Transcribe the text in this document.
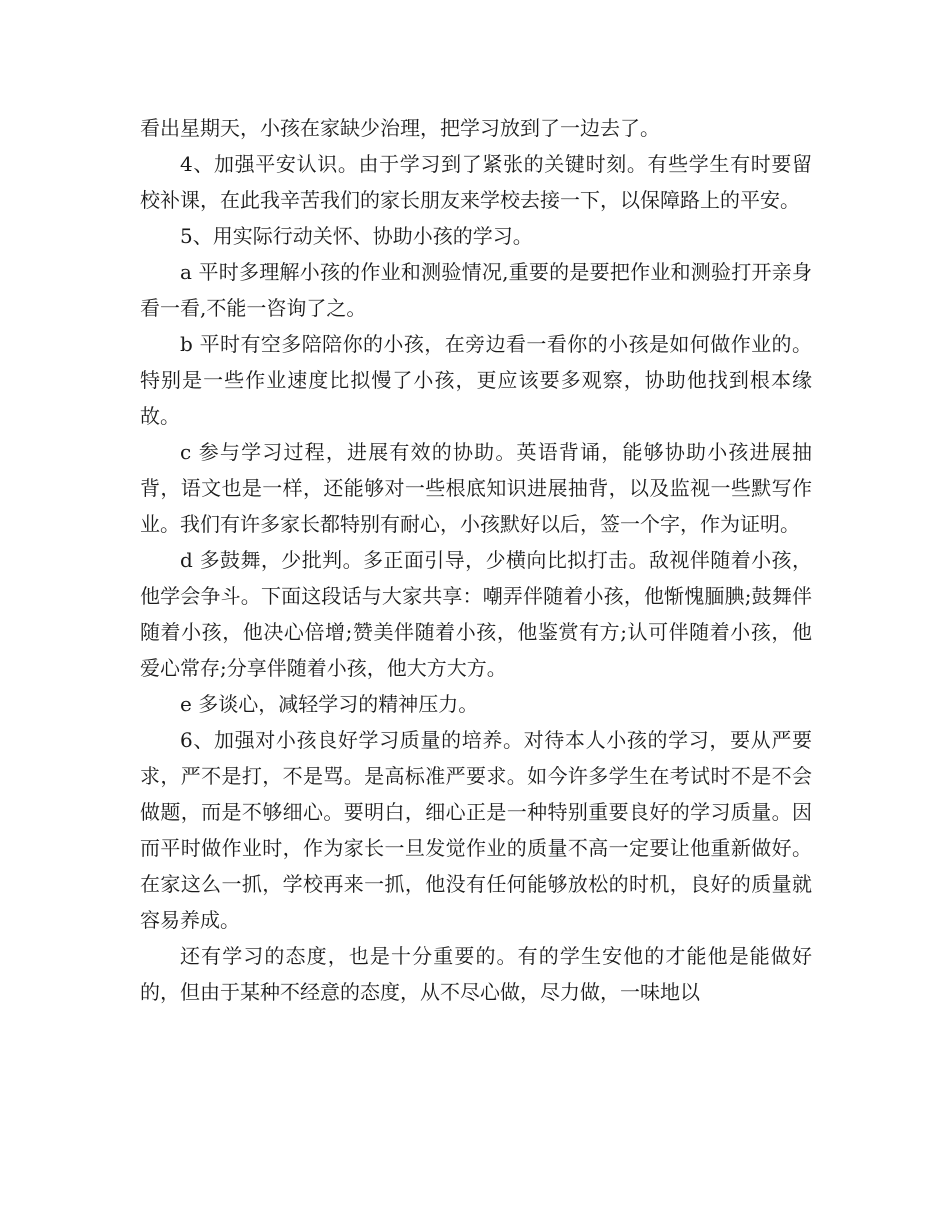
看出星期天，小孩在家缺少治理，把学习放到了一边去了。

4、加强平安认识。由于学习到了紧张的关键时刻。有些学生有时要留校补课，在此我辛苦我们的家长朋友来学校去接一下，以保障路上的平安。

5、用实际行动关怀、协助小孩的学习。

a 平时多理解小孩的作业和测验情况,重要的是要把作业和测验打开亲身看一看,不能一咨询了之。

b 平时有空多陪陪你的小孩，在旁边看一看你的小孩是如何做作业的。特别是一些作业速度比拟慢了小孩，更应该要多观察，协助他找到根本缘故。

c 参与学习过程，进展有效的协助。英语背诵，能够协助小孩进展抽背，语文也是一样，还能够对一些根底知识进展抽背，以及监视一些默写作业。我们有许多家长都特别有耐心，小孩默好以后，签一个字，作为证明。

d 多鼓舞，少批判。多正面引导，少横向比拟打击。敌视伴随着小孩，他学会争斗。下面这段话与大家共享：嘲弄伴随着小孩，他惭愧腼腆;鼓舞伴随着小孩，他决心倍增;赞美伴随着小孩，他鉴赏有方;认可伴随着小孩，他爱心常存;分享伴随着小孩，他大方大方。

e 多谈心，减轻学习的精神压力。

6、加强对小孩良好学习质量的培养。对待本人小孩的学习，要从严要求，严不是打，不是骂。是高标准严要求。如今许多学生在考试时不是不会做题，而是不够细心。要明白，细心正是一种特别重要良好的学习质量。因而平时做作业时，作为家长一旦发觉作业的质量不高一定要让他重新做好。在家这么一抓，学校再来一抓，他没有任何能够放松的时机，良好的质量就容易养成。

还有学习的态度，也是十分重要的。有的学生安他的才能他是能做好的，但由于某种不经意的态度，从不尽心做，尽力做，一味地以
